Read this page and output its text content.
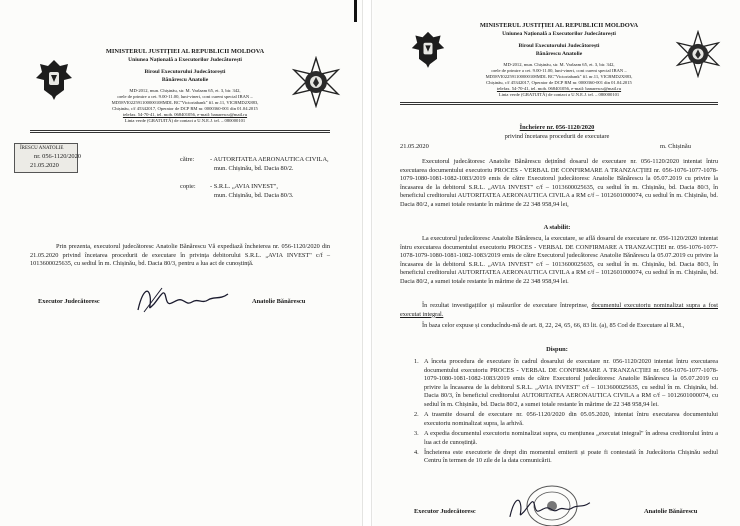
MINISTERUL JUSTIȚIEI AL REPUBLICII MOLDOVA
Uniunea Națională a Executorilor Judecătorești
Biroul Executorului Judecătorești
Bănărescu Anatolie
MD-2012, mun. Chișinău, str. M. Varlaam 65, et. 3, bir. 342,
orele de primire a cet. 9.00-11.00, luni-vineri, cont curent special IBAN –
MD58VI022591100000108MDL BC"Victoriabank" fil. nr.11, VICBMD2X883,
Chișinău, c/f 45342017, Operator de DCP RM nr. 0000360-001 din 01.04.2015
telefax. 54-70-41, tel. mob. 068401056, e-mail: banarescu@mail.ru
Linia verde (GRATUITĂ) de contact a U.N.E.J. tel. – 080000101
ÎRESCU ANATOLIE
nr. 056-1120/2020
21.05.2020
către: - AUTORITATEA AERONAUTICA CIVILA,
mun. Chișinău, bd. Dacia 80/2.
copie: - S.R.L. „AVIA INVEST",
mun. Chișinău, bd. Dacia 80/3.
Prin prezenta, executorul judecătoresc Anatolie Bănărescu Vă expediază încheierea nr. 056-1120/2020 din 21.05.2020 privind încetarea procedurii de executare în privința debitorului S.R.L. „AVIA INVEST" c/f – 1013600025635, cu sediul în m. Chișinău, bd. Dacia 80/3, pentru a lua act de cunoștință.
Executor Judecătoresc	Anatolie Bănărescu
MINISTERUL JUSTIȚIEI AL REPUBLICII MOLDOVA
Uniunea Națională a Executorilor Judecătorești
Biroul Executorului Judecătorești
Bănărescu Anatolie
MD-2012, mun. Chișinău, str. M. Varlaam 65, et. 3, bir. 342,
orele de primire a cet. 9.00-11.00, luni-vineri, cont curent special IBAN –
MD58VI022591100000108MDL BC"Victoriabank" fil. nr.11, VICBMD2X883,
Chișinău, c/f 45342017, Operator de DCP RM nr. 0000360-001 din 01.04.2015
telefax. 54-70-41, tel. mob. 068401056, e-mail: banarescu@mail.ru
Linia verde (GRATUITĂ) de contact a U.N.E.J. tel. – 080000101
Încheiere nr. 056-1120/2020
privind încetarea procedurii de executare
21.05.2020	m. Chișinău
Executorul judecătoresc Anatolie Bănărescu deținînd dosarul de executare nr. 056-1120/2020 intentat întru executarea documentului executoriu PROCES - VERBAL DE CONFIRMARE A TRANZACȚIEI nr. 056-1076-1077-1078-1079-1080-1081-1082-1083/2019 emis de către Executorul judecătoresc Anatolie Bănărescu la 05.07.2019 cu privire la încasarea de la debitorul S.R.L. „AVIA INVEST" c/f – 1013600025635, cu sediul în m. Chișinău, bd. Dacia 80/3, în beneficiul creditorului AUTORITATEA AERONAUTICA CIVILA a RM c/f – 1012601000074, cu sediul în m. Chișinău, bd. Dacia 80/2, a sumei totale restante în mărime de 22 348 958,94 lei,
A stabilit:
La executorul judecătoresc Anatolie Bănărescu, la executare, se află dosarul de executare nr. 056-1120/2020 intentat întru executarea documentului executoriu PROCES - VERBAL DE CONFIRMARE A TRANZACȚIEI nr. 056-1076-1077-1078-1079-1080-1081-1082-1083/2019 emis de către Executorul judecătoresc Anatolie Bănărescu la 05.07.2019 cu privire la încasarea de la debitorul S.R.L. „AVIA INVEST" c/f – 1013600025635, cu sediul în m. Chișinău, bd. Dacia 80/3, în beneficiul creditorului AUTORITATEA AERONAUTICA CIVILA a RM c/f – 1012601000074, cu sediul în m. Chișinău, bd. Dacia 80/2, a sumei totale restante în mărime de 22 348 958,94 lei.
În rezultat investigațiilor și măsurilor de executare întreprinse, documentul executoriu nominalizat supra a fost executat integral.
În baza celor expuse și conducîndu-mă de art. 8, 22, 24, 65, 66, 83 lit. (a), 85 Cod de Executare al R.M.,
Dispun:
1. A înceta procedura de executare în cadrul dosarului de executare nr. 056-1120/2020 intentat întru executarea documentului executoriu PROCES - VERBAL DE CONFIRMARE A TRANZACȚIEI nr. 056-1076-1077-1078-1079-1080-1081-1082-1083/2019 emis de către Executorul judecătoresc Anatolie Bănărescu la 05.07.2019 cu privire la încasarea de la debitorul S.R.L. „AVIA INVEST" c/f – 1013600025635, cu sediul în m. Chișinău, bd. Dacia 80/3, în beneficiul creditorului AUTORITATEA AERONAUTICA CIVILA a RM c/f – 1012601000074, cu sediul în m. Chișinău, bd. Dacia 80/2, a sumei totale restante în mărime de 22 348 958,94 lei.
2. A trasmite dosarul de executare nr. 056-1120/2020 din 05.05.2020, intentat întru executarea documentului executoriu nominalizat supra, la arhivă.
3. A expedia documentul executoriu nominalizat supra, cu mențiunea „executat integral" în adresa creditorului întru a lua act de cunoștință.
4. Încheierea este executorie de drept din momentul emiterii și poate fi contestată în Judecătoria Chișinău sediul Centru în termen de 10 zile de la data comunicării.
Executor Judecătoresc	Anatolie Bănărescu
